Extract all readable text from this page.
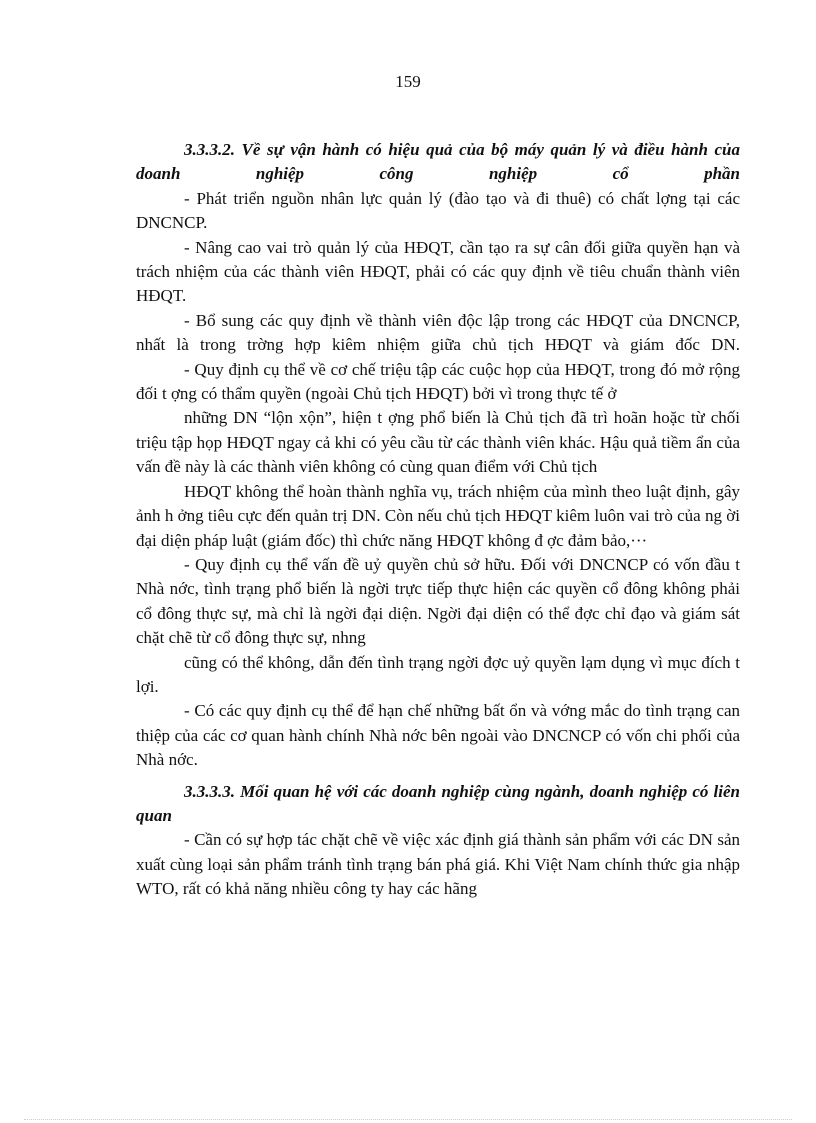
159

3.3.3.2. Về sự vận hành có hiệu quả của bộ máy quản lý và điều hành của doanh nghiệp công nghiệp cổ phần

- Phát triển nguồn nhân lực quản lý (đào tạo và đi thuê) có chất lợng tại các DNCNCP.

- Nâng cao vai trò quản lý của HĐQT, cần tạo ra sự cân đối giữa quyền hạn và trách nhiệm của các thành viên HĐQT, phải có các quy định về tiêu chuẩn thành viên HĐQT.

- Bổ sung các quy định về thành viên độc lập trong các HĐQT của DNCNCP, nhất là trong trờng hợp kiêm nhiệm giữa chủ tịch HĐQT và giám đốc DN.

- Quy định cụ thể về cơ chế triệu tập các cuộc họp của HĐQT, trong đó mở rộng đối t ợng có thẩm quyền (ngoài Chủ tịch HĐQT) bởi vì trong thực tế ở

những DN “lộn xộn”, hiện t ợng phổ biến là Chủ tịch đã trì hoãn hoặc từ chối triệu tập họp HĐQT ngay cả khi có yêu cầu từ các thành viên khác. Hậu quả tiềm ẩn của vấn đề này là các thành viên không có cùng quan điểm với Chủ tịch

HĐQT không thể hoàn thành nghĩa vụ, trách nhiệm của mình theo luật định, gây ảnh h ởng tiêu cực đến quản trị DN. Còn nếu chủ tịch HĐQT kiêm luôn vai trò của ng ời đại diện pháp luật (giám đốc) thì chức năng HĐQT không đ ợc đảm bảo,···

- Quy định cụ thể vấn đề uỷ quyền chủ sở hữu. Đối với DNCNCP có vốn đầu t Nhà nớc, tình trạng phổ biến là ngời trực tiếp thực hiện các quyền cổ đông không phải cổ đông thực sự, mà chỉ là ngời đại diện. Ngời đại diện có thể đợc chỉ đạo và giám sát chặt chẽ từ cổ đông thực sự, nhng

cũng có thể không, dẫn đến tình trạng ngời đợc uỷ quyền lạm dụng vì mục đích t lợi.

- Có các quy định cụ thể để hạn chế những bất ổn và vớng mắc do tình trạng can thiệp của các cơ quan hành chính Nhà nớc bên ngoài vào DNCNCP có vốn chi phối của Nhà nớc.

3.3.3.3. Mối quan hệ với các doanh nghiệp cùng ngành, doanh nghiệp có liên quan

- Cần có sự hợp tác chặt chẽ về việc xác định giá thành sản phẩm với các DN sản xuất cùng loại sản phẩm tránh tình trạng bán phá giá. Khi Việt Nam chính thức gia nhập WTO, rất có khả năng nhiều công ty hay các hãng
